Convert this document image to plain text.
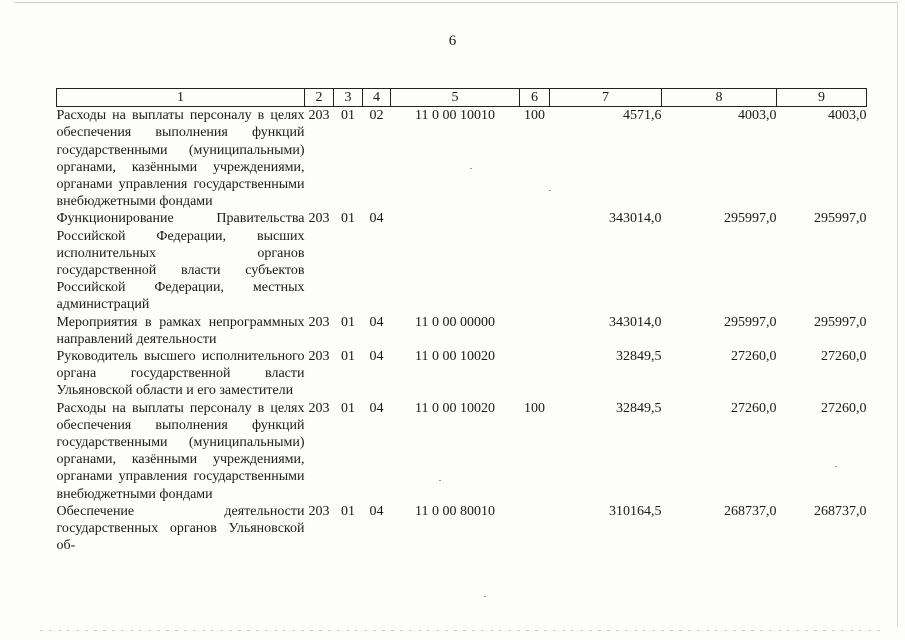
6
1	2	3	4	5	6	7	8	9
Расходы на выплаты персоналу в целях обеспечения выполнения функций государственными (муниципальными) органами, казёнными учреждениями, органами управления государственными внебюджетными фондами	203	01	02	11 0 00 10010	100	4571,6	4003,0	4003,0
Функционирование Правительства Российской Федерации, высших исполнительных органов государственной власти субъектов Российской Федерации, местных администраций	203	01	04			343014,0	295997,0	295997,0
Мероприятия в рамках непрограммных направлений деятельности	203	01	04	11 0 00 00000		343014,0	295997,0	295997,0
Руководитель высшего исполнительного органа государственной власти Ульяновской области и его заместители	203	01	04	11 0 00 10020		32849,5	27260,0	27260,0
Расходы на выплаты персоналу в целях обеспечения выполнения функций государственными (муниципальными) органами, казёнными учреждениями, органами управления государственными внебюджетными фондами	203	01	04	11 0 00 10020	100	32849,5	27260,0	27260,0
Обеспечение деятельности государственных органов Ульяновской об-	203	01	04	11 0 00 80010		310164,5	268737,0	268737,0
